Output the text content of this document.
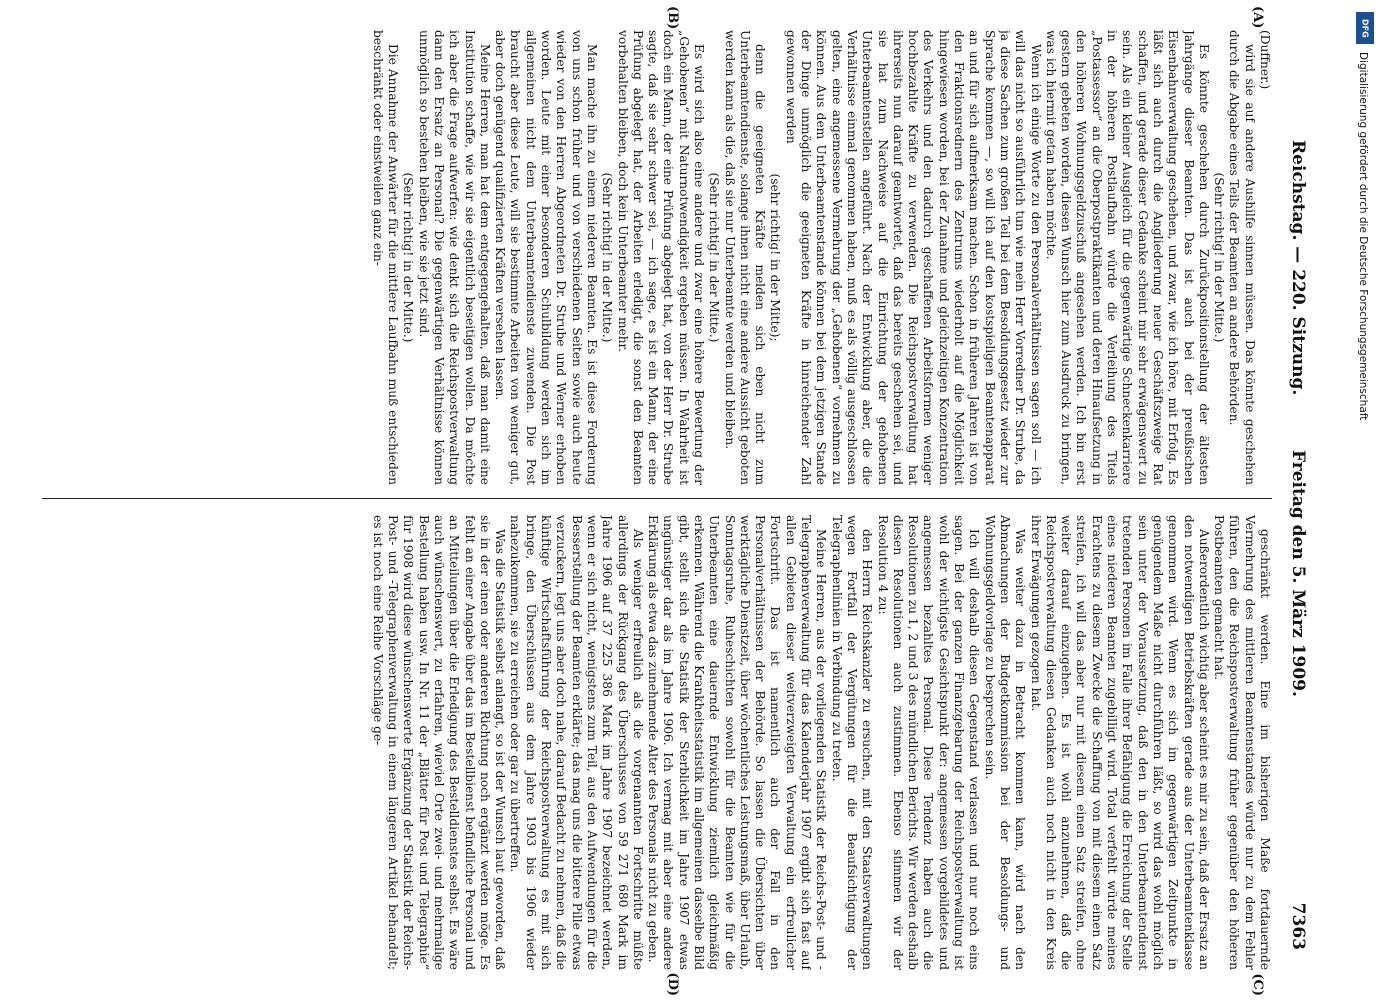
Reichstag. — 220. Sitzung.
Freitag den 5. März 1909.
7363
(A)
(B)
(C)
(D)

(Duffner.)

wird sie auf andere Aushilfe sinnen müssen. Das könnte geschehen durch die Abgabe eines Teils der Beamten an andere Behörden.

(Sehr richtig! in der Mitte.)

Es könnte geschehen durch Zurückpositionstellung der ältesten Jahrgänge dieser Beamten. Das ist auch bei der preußischen Eisenbahnverwaltung geschehen, und zwar, wie ich höre, mit Erfolg. Es läßt sich auch durch die Angliederung neuer Geschäftszweige Rat schaffen, und gerade dieser Gedanke scheint mir sehr erwägenswert zu sein. Als ein kleiner Ausgleich für die gegenwärtige Schneckenkarriere in der höheren Postlaufbahn würde die Verleihung des Titels „Postassessor“ an die Oberpostpraktikanten und deren Hinaufsetzung in den höheren Wohnungsgeldzuschuß angesehen werden. Ich bin erst gestern gebeten worden, diesen Wunsch hier zum Ausdruck zu bringen, was ich hiermit getan haben möchte.

Wenn ich einige Worte zu den Personalverhältnissen sagen soll — ich will das nicht so ausführlich tun wie mein Herr Vorredner Dr. Strube, da ja diese Sachen zum großen Teil bei dem Besoldungsgesetz wieder zur Sprache kommen —, so will ich auf den kostspieligen Beamtenapparat an und für sich aufmerksam machen. Schon in früheren Jahren ist von den Fraktionsrednern des Zentrums wiederholt auf die Möglichkeit hingewiesen worden, bei der Zunahme und gleichzeitigen Konzentration des Verkehrs und den dadurch geschaffenen Arbeitsformen weniger hochbezahlte Kräfte zu verwenden. Die Reichspostverwaltung hat ihrerseits nun darauf geantwortet, daß das bereits geschehen sei, und sie hat zum Nachweise auf die Einrichtung der gehobenen Unterbeamtenstellen angeführt. Nach der Entwicklung aber, die die Verhältnisse einmal genommen haben, muß es als völlig ausgeschlossen gelten, eine angemessene Vermehrung der „Gehobenen“ vornehmen zu können. Aus dem Unterbeamtenstande können bei dem jetzigen Stande der Dinge unmöglich die geeigneten Kräfte in hinreichender Zahl gewonnen werden

(sehr richtig! in der Mitte);

denn die geeigneten Kräfte melden sich eben nicht zum Unterbeamtendienste, solange ihnen nicht eine andere Aussicht geboten werden kann als die, daß sie nur Unterbeamte werden und bleiben.

(Sehr richtig! in der Mitte.)

Es wird sich also eine andere und zwar eine höhere Bewertung der „Gehobenen“ mit Naturnotwendigkeit ergeben müssen. In Wahrheit ist doch ein Mann, der eine Prüfung abgelegt hat, von der Herr Dr. Strube sagte, daß sie sehr schwer sei, — ich sage, es ist ein Mann, der eine Prüfung abgelegt hat, der Arbeiten erledigt, die sonst den Beamten vorbehalten bleiben, doch kein Unterbeamter mehr.

(Sehr richtig! in der Mitte.)

Man mache ihn zu einem niederen Beamten. Es ist diese Forderung von uns schon früher und von verschiedenen Seiten sowie auch heute wieder von den Herren Abgeordneten Dr. Strube und Werner erhoben worden. Leute mit einer besonderen Schulbildung werden sich im allgemeinen nicht dem Unterbeamtendienste zuwenden. Die Post braucht aber diese Leute, will sie bestimmte Arbeiten von weniger gut, aber doch genügend qualifizierten Kräften versehen lassen.

Meine Herren, man hat dem entgegengehalten, daß man damit eine Institution schaffe, wie wir sie eigentlich beseitigen wollen. Da möchte ich aber die Frage aufwerfen: wie denkt sich die Reichspostverwaltung dann den Ersatz an Personal? Die gegenwärtigen Verhältnisse können unmöglich so bestehen bleiben, wie sie jetzt sind.

(Sehr richtig! in der Mitte.)

Die Annahme der Anwärter für die mittlere Laufbahn muß entschieden beschränkt oder einstweilen ganz ein-

geschränkt werden. Eine im bisherigen Maße fortdauernde Vermehrung des mittleren Beamtenstandes würde nur zu dem Fehler führen, den die Reichspostverwaltung früher gegenüber den höheren Postbeamten gemacht hat.

Außerordentlich wichtig aber scheint es mir zu sein, daß der Ersatz an den notwendigen Betriebskräften gerade aus der Unterbeamtenklasse genommen wird. Wenn es sich im gegenwärtigen Zeitpunkte in genügendem Maße nicht durchführen läßt, so wird das wohl möglich sein unter der Voraussetzung, daß den in den Unterbeamtendienst tretenden Personen im Falle ihrer Befähigung die Erreichung der Stelle eines niederen Beamten zugebilligt wird. Total verfehlt würde meines Erachtens zu diesem Zwecke die Schaffung von mit diesem einen Satz streifen, ich will das aber nur mit diesem einen Satz streifen, ohne weiter darauf einzugehen. Es ist wohl anzunehmen, daß die Reichspostverwaltung diesen Gedanken auch noch nicht in den Kreis ihrer Erwägungen gezogen hat.

Was weiter dazu in Betracht kommen kann, wird nach den Abmachungen der Budgetkommission bei der Besoldungs- und Wohnungsgeldvorlage zu besprechen sein.

Ich will deshalb diesen Gegenstand verlassen und nur noch eins sagen. Bei der ganzen Finanzgebarung der Reichspostverwaltung ist wohl der wichtigste Gesichtspunkt der: angemessen vorgebildetes und angemessen bezahltes Personal. Diese Tendenz haben auch die Resolutionen zu 1, 2 und 3 des mündlichen Berichts. Wir werden deshalb diesen Resolutionen auch zustimmen. Ebenso stimmen wir der Resolution 4 zu:

den Herrn Reichskanzler zu ersuchen, mit den Staatsverwaltungen wegen Fortfall der Vergütungen für die Beaufsichtigung der Telegraphenlinien in Verbindung zu treten.

Meine Herren, aus der vorliegenden Statistik der Reichs-Post- und -Telegraphenverwaltung für das Kalenderjahr 1907 ergibt sich fast auf allen Gebieten dieser weitverzweigten Verwaltung ein erfreulicher Fortschritt. Das ist namentlich auch der Fall in den Personalverhältnissen der Behörde. So lassen die Übersichten über werktägliche Dienstzeit, über wöchentliches Leistungsmaß, über Urlaub, Sonntagsruhe, Ruheschichten sowohl für die Beamten wie für die Unterbeamten eine dauernde Entwicklung ziemlich gleichmäßig erkennen. Während die Krankheitsstatistik im allgemeinen dasselbe Bild gibt, stellt sich die Statistik der Sterblichkeit im Jahre 1907 etwas ungünstiger dar als im Jahre 1906. Ich vermag mit aber eine andere Erklärung als etwa das zunehmende Alter des Personals nicht zu geben.

Als weniger erfreulich als die vorgenannten Fortschritte müßte allerdings der Rückgang des Überschusses von 59 271 680 Mark im Jahre 1906 auf 37 225 386 Mark im Jahre 1907 bezeichnet werden, wenn er sich nicht, wenigstens zum Teil, aus den Aufwendungen für die Besserstellung der Beamten erklärte; das mag uns die bittere Pille etwas verzuckern, legt uns aber doch nahe, darauf Bedacht zu nehmen, daß die künftige Wirtschaftsführung der Reichspostverwaltung es mit sich bringe, den Überschüssen aus dem Jahre 1903 bis 1906 wieder nahezukommen, sie zu erreichen oder gar zu übertreffen.

Was die Statistik selbst anlangt, so ist der Wunsch laut geworden, daß sie in der einen oder anderen Richtung noch ergänzt werden möge. Es fehlt an einer Angabe über das im Bestellbienst befindliche Personal und an Mitteilungen über die Erledigung des Bestelldienstes selbst. Es wäre auch wünschenswert, zu erfahren, wieviel Orte zwei- und mehrmalige Bestellung haben usw. In Nr. 11 der „Blätter für Post und Telegraphie“ für 1908 wird diese wünschenswerte Ergänzung der Statistik der Reichs-Post- und -Telegraphenverwaltung in einem längeren Artikel behandelt; es ist noch eine Reihe Vorschläge ge-

DFG
Digitalisierung gefördert durch die Deutsche Forschungsgemeinschaft
